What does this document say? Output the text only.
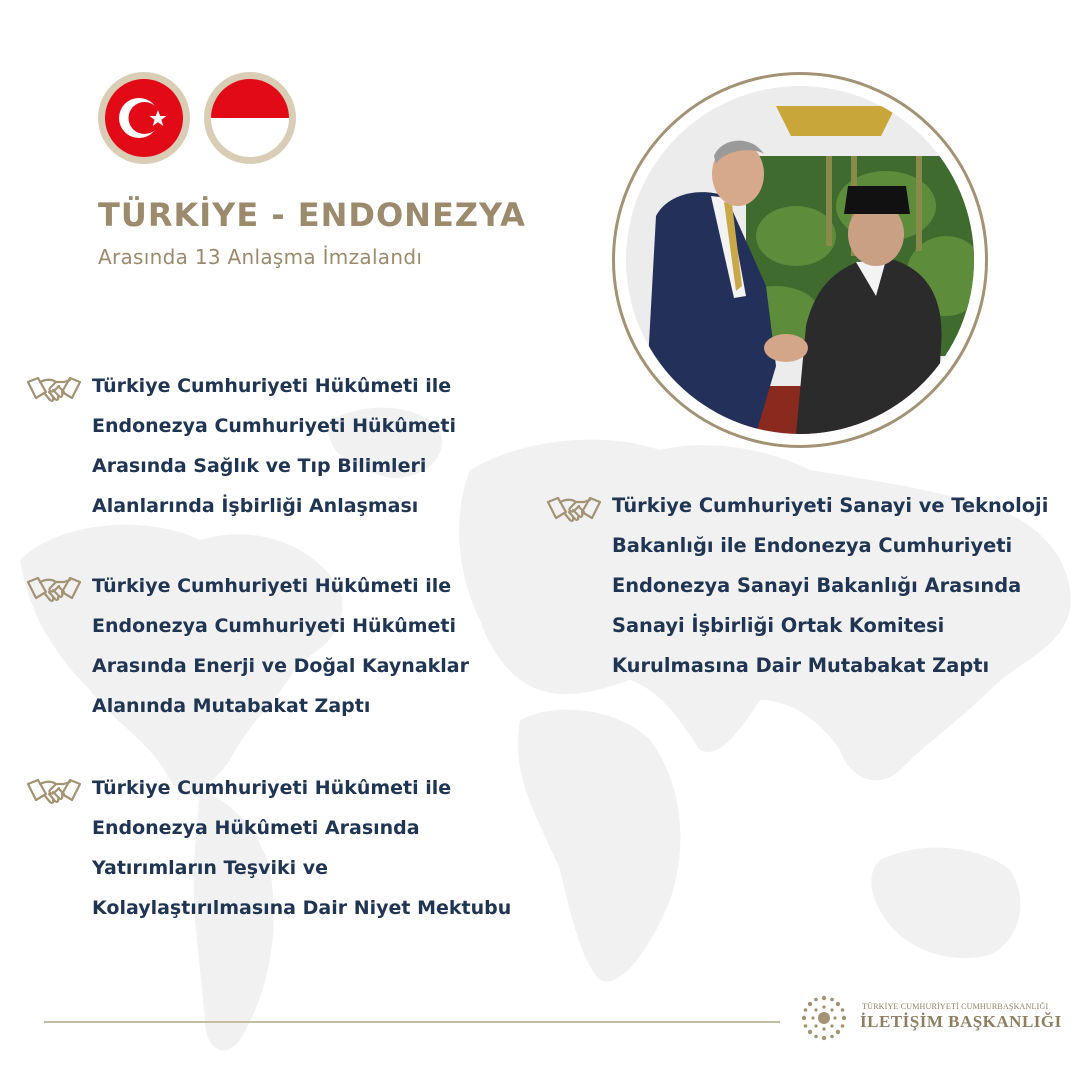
TÜRKİYE - ENDONEZYA
Arasında 13 Anlaşma İmzalandı
Türkiye Cumhuriyeti Hükûmeti ile
Endonezya Cumhuriyeti Hükûmeti
Arasında Sağlık ve Tıp Bilimleri
Alanlarında İşbirliği Anlaşması
Türkiye Cumhuriyeti Hükûmeti ile
Endonezya Cumhuriyeti Hükûmeti
Arasında Enerji ve Doğal Kaynaklar
Alanında Mutabakat Zaptı
Türkiye Cumhuriyeti Hükûmeti ile
Endonezya Hükûmeti Arasında
Yatırımların Teşviki ve
Kolaylaştırılmasına Dair Niyet Mektubu
Türkiye Cumhuriyeti Sanayi ve Teknoloji
Bakanlığı ile Endonezya Cumhuriyeti
Endonezya Sanayi Bakanlığı Arasında
Sanayi İşbirliği Ortak Komitesi
Kurulmasına Dair Mutabakat Zaptı
TÜRKİYE CUMHURİYETİ CUMHURBAŞKANLIĞI
İLETİŞİM BAŞKANLIĞI
